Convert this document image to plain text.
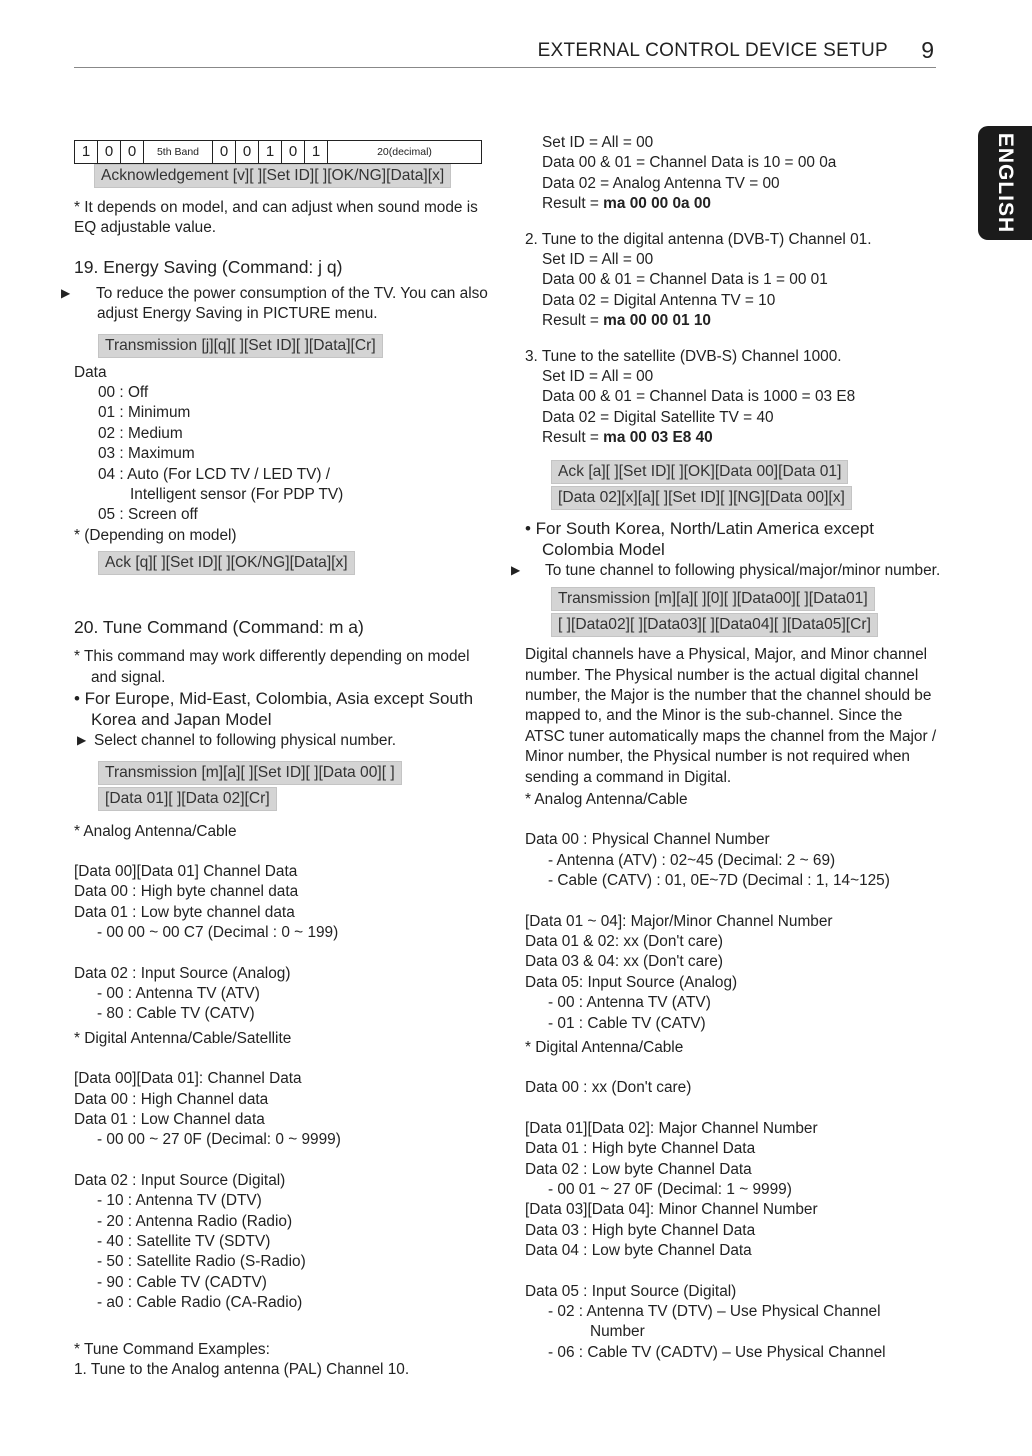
EXTERNAL CONTROL DEVICE SETUP 9
ENGLISH
1	0	0	5th Band	0	0	1	0	1	20(decimal)
Acknowledgement [v][ ][Set ID][ ][OK/NG][Data][x]

* It depends on model, and can adjust when sound mode is EQ adjustable value.

19. Energy Saving (Command: j q)

▶ To reduce the power consumption of the TV. You can also adjust Energy Saving in PICTURE menu.

Transmission [j][q][ ][Set ID][ ][Data][Cr]

Data

00 : Off

01 : Minimum

02 : Medium

03 : Maximum

04 : Auto (For LCD TV / LED TV) /

Intelligent sensor (For PDP TV)

05 : Screen off

* (Depending on model)

Ack [q][ ][Set ID][ ][OK/NG][Data][x]

20. Tune Command (Command: m a)

* This command may work differently depending on model and signal.

• For Europe, Mid-East, Colombia, Asia except South Korea and Japan Model

▶ Select channel to following physical number.

Transmission [m][a][ ][Set ID][ ][Data 00][ ]
[Data 01][ ][Data 02][Cr]

* Analog Antenna/Cable

[Data 00][Data 01] Channel Data

Data 00 : High byte channel data

Data 01 : Low byte channel data

- 00 00 ~ 00 C7 (Decimal : 0 ~ 199)

Data 02 : Input Source (Analog)

- 00 : Antenna TV (ATV)

- 80 : Cable TV (CATV)

* Digital Antenna/Cable/Satellite

[Data 00][Data 01]: Channel Data

Data 00 : High Channel data

Data 01 : Low Channel data

- 00 00 ~ 27 0F (Decimal: 0 ~ 9999)

Data 02 : Input Source (Digital)

- 10 : Antenna TV (DTV)

- 20 : Antenna Radio (Radio)

- 40 : Satellite TV (SDTV)

- 50 : Satellite Radio (S-Radio)

- 90 : Cable TV (CADTV)

- a0 : Cable Radio (CA-Radio)

* Tune Command Examples:

1. Tune to the Analog antenna (PAL) Channel 10.

Set ID = All = 00

Data 00 & 01 = Channel Data is 10 = 00 0a

Data 02 = Analog Antenna TV = 00

Result = ma 00 00 0a 00

2. Tune to the digital antenna (DVB-T) Channel 01.

Set ID = All = 00

Data 00 & 01 = Channel Data is 1 = 00 01

Data 02 = Digital Antenna TV = 10

Result = ma 00 00 01 10

3. Tune to the satellite (DVB-S) Channel 1000.

Set ID = All = 00

Data 00 & 01 = Channel Data is 1000 = 03 E8

Data 02 = Digital Satellite TV = 40

Result = ma 00 03 E8 40

Ack [a][ ][Set ID][ ][OK][Data 00][Data 01]
[Data 02][x][a][ ][Set ID][ ][NG][Data 00][x]

• For South Korea, North/Latin America except Colombia Model

▶ To tune channel to following physical/major/minor number.

Transmission [m][a][ ][0][ ][Data00][ ][Data01]
[ ][Data02][ ][Data03][ ][Data04][ ][Data05][Cr]

Digital channels have a Physical, Major, and Minor channel number. The Physical number is the actual digital channel number, the Major is the number that the channel should be mapped to, and the Minor is the sub-channel. Since the ATSC tuner automatically maps the channel from the Major / Minor number, the Physical number is not required when sending a command in Digital.

* Analog Antenna/Cable

Data 00 : Physical Channel Number

- Antenna (ATV) : 02~45 (Decimal: 2 ~ 69)

- Cable (CATV) : 01, 0E~7D (Decimal : 1, 14~125)

[Data 01 ~ 04]: Major/Minor Channel Number

Data 01 & 02: xx (Don't care)

Data 03 & 04: xx (Don't care)

Data 05: Input Source (Analog)

- 00 : Antenna TV (ATV)

- 01 : Cable TV (CATV)

* Digital Antenna/Cable

Data 00 : xx (Don't care)

[Data 01][Data 02]: Major Channel Number

Data 01 : High byte Channel Data

Data 02 : Low byte Channel Data

- 00 01 ~ 27 0F (Decimal: 1 ~ 9999)

[Data 03][Data 04]: Minor Channel Number

Data 03 : High byte Channel Data

Data 04 : Low byte Channel Data

Data 05 : Input Source (Digital)

- 02 : Antenna TV (DTV) – Use Physical Channel

Number

- 06 : Cable TV (CADTV) – Use Physical Channel
